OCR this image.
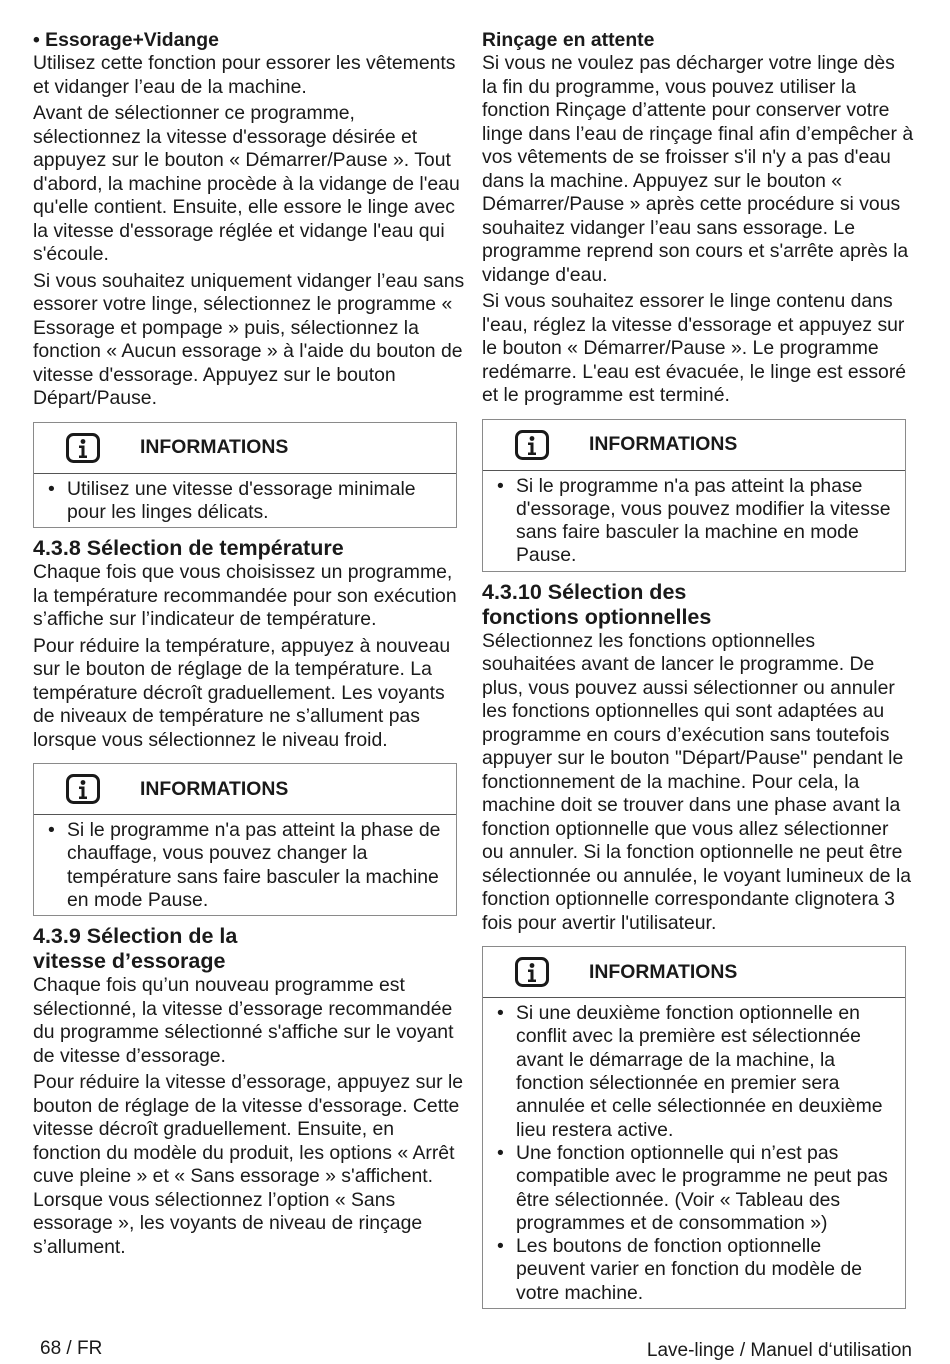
• Essorage+Vidange

Utilisez cette fonction pour essorer les vêtements et vidanger l’eau de la machine.

Avant de sélectionner ce programme, sélectionnez la vitesse d'essorage désirée et appuyez sur le bouton « Démarrer/Pause ». Tout d'abord, la machine procède à la vidange de l'eau qu'elle contient. Ensuite, elle essore le linge avec la vitesse d'essorage réglée et vidange l'eau qui s'écoule.

Si vous souhaitez uniquement vidanger l’eau sans essorer votre linge, sélectionnez le programme « Essorage et pompage » puis, sélectionnez la fonction « Aucun essorage » à l'aide du bouton de vitesse d'essorage. Appuyez sur le bouton Départ/Pause.

INFORMATIONS
• Utilisez une vitesse d'essorage minimale pour les linges délicats.
4.3.8 Sélection de température

Chaque fois que vous choisissez un programme, la température recommandée pour son exécution s’affiche sur l’indicateur de température.

Pour réduire la température, appuyez à nouveau sur le bouton de réglage de la température. La température décroît graduellement. Les voyants de niveaux de température ne s’allument pas lorsque vous sélectionnez le niveau froid.

INFORMATIONS
• Si le programme n'a pas atteint la phase de chauffage, vous pouvez changer la température sans faire basculer la machine en mode Pause.
4.3.9 Sélection de la
vitesse d’essorage

Chaque fois qu’un nouveau programme est sélectionné, la vitesse d’essorage recommandée du programme sélectionné s'affiche sur le voyant de vitesse d’essorage.

Pour réduire la vitesse d’essorage, appuyez sur le bouton de réglage de la vitesse d'essorage. Cette vitesse décroît graduellement. Ensuite, en fonction du modèle du produit, les options « Arrêt cuve pleine » et « Sans essorage » s'affichent. Lorsque vous sélectionnez l’option « Sans essorage », les voyants de niveau de rinçage s’allument.

Rinçage en attente

Si vous ne voulez pas décharger votre linge dès la fin du programme, vous pouvez utiliser la fonction Rinçage d’attente pour conserver votre linge dans l’eau de rinçage final afin d’empêcher à vos vêtements de se froisser s'il n'y a pas d'eau dans la machine. Appuyez sur le bouton « Démarrer/Pause » après cette procédure si vous souhaitez vidanger l’eau sans essorage. Le programme reprend son cours et s'arrête après la vidange d'eau.

Si vous souhaitez essorer le linge contenu dans l'eau, réglez la vitesse d'essorage et appuyez sur le bouton « Démarrer/Pause ». Le programme redémarre. L'eau est évacuée, le linge est essoré et le programme est terminé.

INFORMATIONS
• Si le programme n'a pas atteint la phase d'essorage, vous pouvez modifier la vitesse sans faire basculer la machine en mode Pause.
4.3.10 Sélection des
fonctions optionnelles

Sélectionnez les fonctions optionnelles souhaitées avant de lancer le programme. De plus, vous pouvez aussi sélectionner ou annuler les fonctions optionnelles qui sont adaptées au programme en cours d’exécution sans toutefois appuyer sur le bouton "Départ/Pause" pendant le fonctionnement de la machine. Pour cela, la machine doit se trouver dans une phase avant la fonction optionnelle que vous allez sélectionner ou annuler. Si la fonction optionnelle ne peut être sélectionnée ou annulée, le voyant lumineux de la fonction optionnelle correspondante clignotera 3 fois pour avertir l'utilisateur.

INFORMATIONS
• Si une deuxième fonction optionnelle en conflit avec la première est sélectionnée avant le démarrage de la machine, la fonction sélectionnée en premier sera annulée et celle sélectionnée en deuxième lieu restera active.
• Une fonction optionnelle qui n’est pas compatible avec le programme ne peut pas être sélectionnée. (Voir « Tableau des programmes et de consommation »)
• Les boutons de fonction optionnelle peuvent varier en fonction du modèle de votre machine.
68 / FR	Lave-linge / Manuel d‘utilisation
